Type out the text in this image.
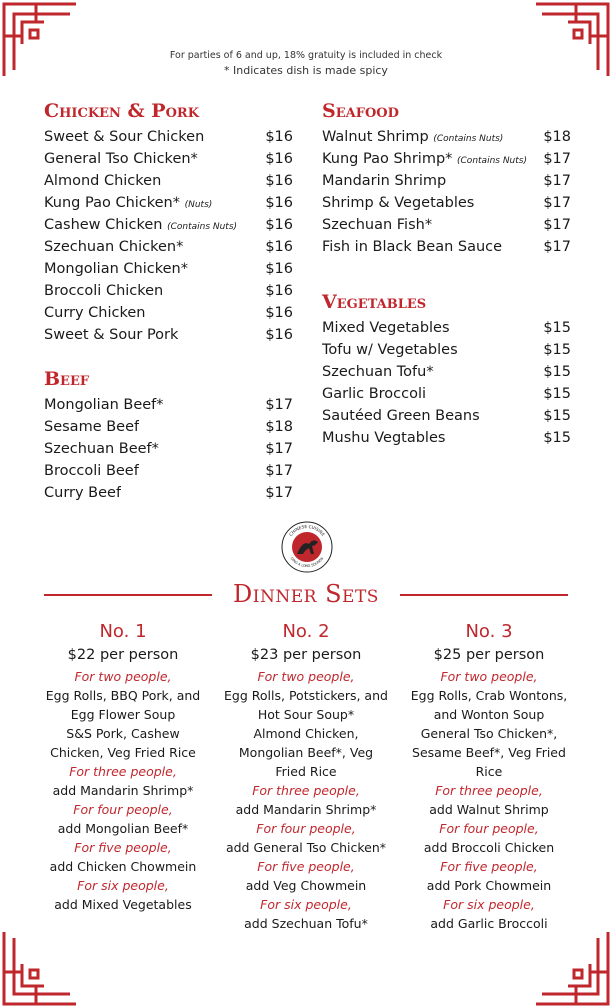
For parties of 6 and up, 18% gratuity is included in check
* Indicates dish is made spicy
Chicken & Pork
Sweet & Sour Chicken	$16
General Tso Chicken*	$16
Almond Chicken	$16
Kung Pao Chicken* (Nuts)	$16
Cashew Chicken (Contains Nuts) $16
Szechuan Chicken*	$16
Mongolian Chicken*	$16
Broccoli Chicken	$16
Curry Chicken	$16
Sweet & Sour Pork	$16
Beef
Mongolian Beef*	$17
Sesame Beef	$18
Szechuan Beef*	$17
Broccoli Beef	$17
Curry Beef	$17
Seafood
Walnut Shrimp (Contains Nuts)	$18
Kung Pao Shrimp* (Contains Nuts) $17
Mandarin Shrimp	$17
Shrimp & Vegetables	$17
Szechuan Fish*	$17
Fish in Black Bean Sauce	$17
Vegetables
Mixed Vegetables	$15
Tofu w/ Vegetables	$15
Szechuan Tofu*	$15
Garlic Broccoli	$15
Sautéed Green Beans	$15
Mushu Vegtables	$15
CHINESE CUISINE
DING A LONG SOUNDS
Dinner Sets
No. 1
$22 per person
For two people,
Egg Rolls, BBQ Pork, and
Egg Flower Soup
S&S Pork, Cashew
Chicken, Veg Fried Rice
For three people,
add Mandarin Shrimp*
For four people,
add Mongolian Beef*
For five people,
add Chicken Chowmein
For six people,
add Mixed Vegetables
No. 2
$23 per person
For two people,
Egg Rolls, Potstickers, and
Hot Sour Soup*
Almond Chicken,
Mongolian Beef*, Veg
Fried Rice
For three people,
add Mandarin Shrimp*
For four people,
add General Tso Chicken*
For five people,
add Veg Chowmein
For six people,
add Szechuan Tofu*
No. 3
$25 per person
For two people,
Egg Rolls, Crab Wontons,
and Wonton Soup
General Tso Chicken*,
Sesame Beef*, Veg Fried
Rice
For three people,
add Walnut Shrimp
For four people,
add Broccoli Chicken
For five people,
add Pork Chowmein
For six people,
add Garlic Broccoli
